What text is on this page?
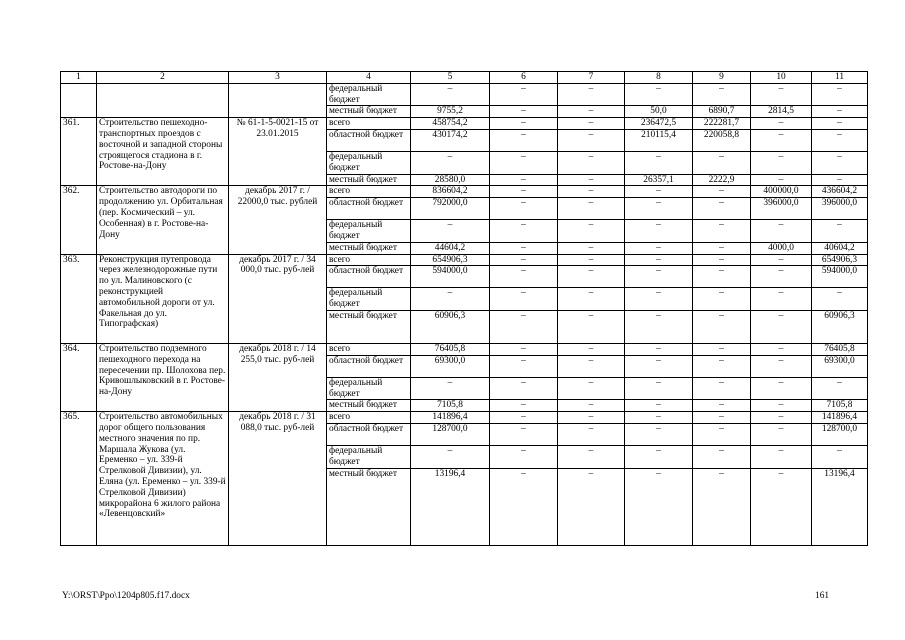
1	2	3	4	5	6	7	8	9	10	11
			федеральный бюджет	–	–	–	–	–	–	–
			местный бюджет	9755,2	–	–	50,0	6890,7	2814,5	–
361.	Строительство пешеходно-транспортных проездов с восточной и западной стороны строящегося стадиона в г. Ростове-на-Дону	№ 61-1-5-0021-15 от 23.01.2015	всего	458754,2	–	–	236472,5	222281,7	–	–
			областной бюджет	430174,2	–	–	210115,4	220058,8	–	–
			федеральный бюджет	–	–	–	–	–	–	–
			местный бюджет	28580,0	–	–	26357,1	2222,9	–	–
362.	Строительство автодороги по продолжению ул. Орбитальная (пер. Космический – ул. Особенная) в г. Ростове-на-Дону	декабрь 2017 г. / 22000,0 тыс. рублей	всего	836604,2	–	–	–	–	400000,0	436604,2
			областной бюджет	792000,0	–	–	–	–	396000,0	396000,0
			федеральный бюджет	–	–	–	–	–	–	–
			местный бюджет	44604,2	–	–	–	–	4000,0	40604,2
363.	Реконструкция путепровода через железнодорожные пути по ул. Малиновского (с реконструкцией автомобильной дороги от ул. Факельная до ул. Типографская)	декабрь 2017 г. / 34 000,0 тыс. руб-лей	всего	654906,3	–	–	–	–	–	654906,3
			областной бюджет	594000,0	–	–	–	–	–	594000,0
			федеральный бюджет	–	–	–	–	–	–	–
			местный бюджет	60906,3	–	–	–	–	–	60906,3
364.	Строительство подземного пешеходного перехода на пересечении пр. Шолохова пер. Кривошлыковский в г. Ростове-на-Дону	декабрь 2018 г. / 14 255,0 тыс. руб-лей	всего	76405,8	–	–	–	–	–	76405,8
			областной бюджет	69300,0	–	–	–	–	–	69300,0
			федеральный бюджет	–	–	–	–	–	–	–
			местный бюджет	7105,8	–	–	–	–	–	7105,8
365.	Строительство автомобильных дорог общего пользования местного значения по пр. Маршала Жукова (ул. Еременко – ул. 339-й Стрелковой Дивизии), ул. Еляна (ул. Еременко – ул. 339-й Стрелковой Дивизии) микрорайона 6 жилого района «Левенцовский»	декабрь 2018 г. / 31 088,0 тыс. руб-лей	всего	141896,4	–	–	–	–	–	141896,4
			областной бюджет	128700,0	–	–	–	–	–	128700,0
			федеральный бюджет	–	–	–	–	–	–	–
			местный бюджет	13196,4	–	–	–	–	–	13196,4
Y:\ORST\Ppo\1204p805.f17.docx	161
